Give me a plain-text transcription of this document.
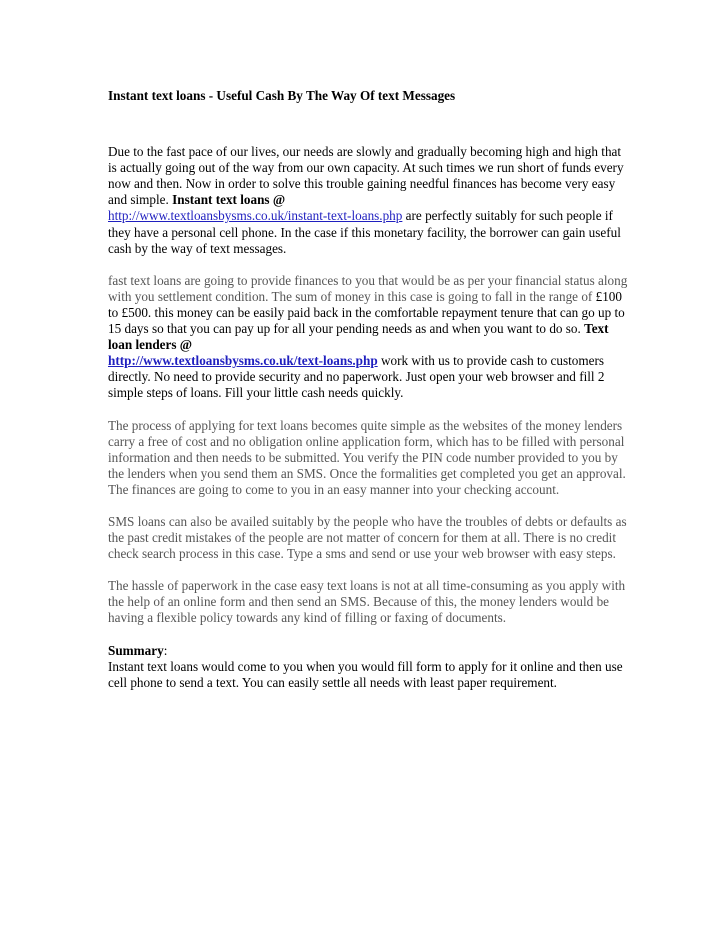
Instant text loans - Useful Cash By The Way Of text Messages

Due to the fast pace of our lives, our needs are slowly and gradually becoming high and high that is actually going out of the way from our own capacity. At such times we run short of funds every now and then. Now in order to solve this trouble gaining needful finances has become very easy and simple. Instant text loans @
http://www.textloansbysms.co.uk/instant-text-loans.php are perfectly suitably for such people if they have a personal cell phone. In the case if this monetary facility, the borrower can gain useful cash by the way of text messages.

fast text loans are going to provide finances to you that would be as per your financial status along with you settlement condition. The sum of money in this case is going to fall in the range of £100 to £500. this money can be easily paid back in the comfortable repayment tenure that can go up to 15 days so that you can pay up for all your pending needs as and when you want to do so. Text loan lenders @
http://www.textloansbysms.co.uk/text-loans.php work with us to provide cash to customers directly. No need to provide security and no paperwork. Just open your web browser and fill 2 simple steps of loans. Fill your little cash needs quickly.

The process of applying for text loans becomes quite simple as the websites of the money lenders carry a free of cost and no obligation online application form, which has to be filled with personal information and then needs to be submitted. You verify the PIN code number provided to you by the lenders when you send them an SMS. Once the formalities get completed you get an approval. The finances are going to come to you in an easy manner into your checking account.

SMS loans can also be availed suitably by the people who have the troubles of debts or defaults as the past credit mistakes of the people are not matter of concern for them at all. There is no credit check search process in this case. Type a sms and send or use your web browser with easy steps.

The hassle of paperwork in the case easy text loans is not at all time-consuming as you apply with the help of an online form and then send an SMS. Because of this, the money lenders would be having a flexible policy towards any kind of filling or faxing of documents.

Summary:
Instant text loans would come to you when you would fill form to apply for it online and then use cell phone to send a text. You can easily settle all needs with least paper requirement.
